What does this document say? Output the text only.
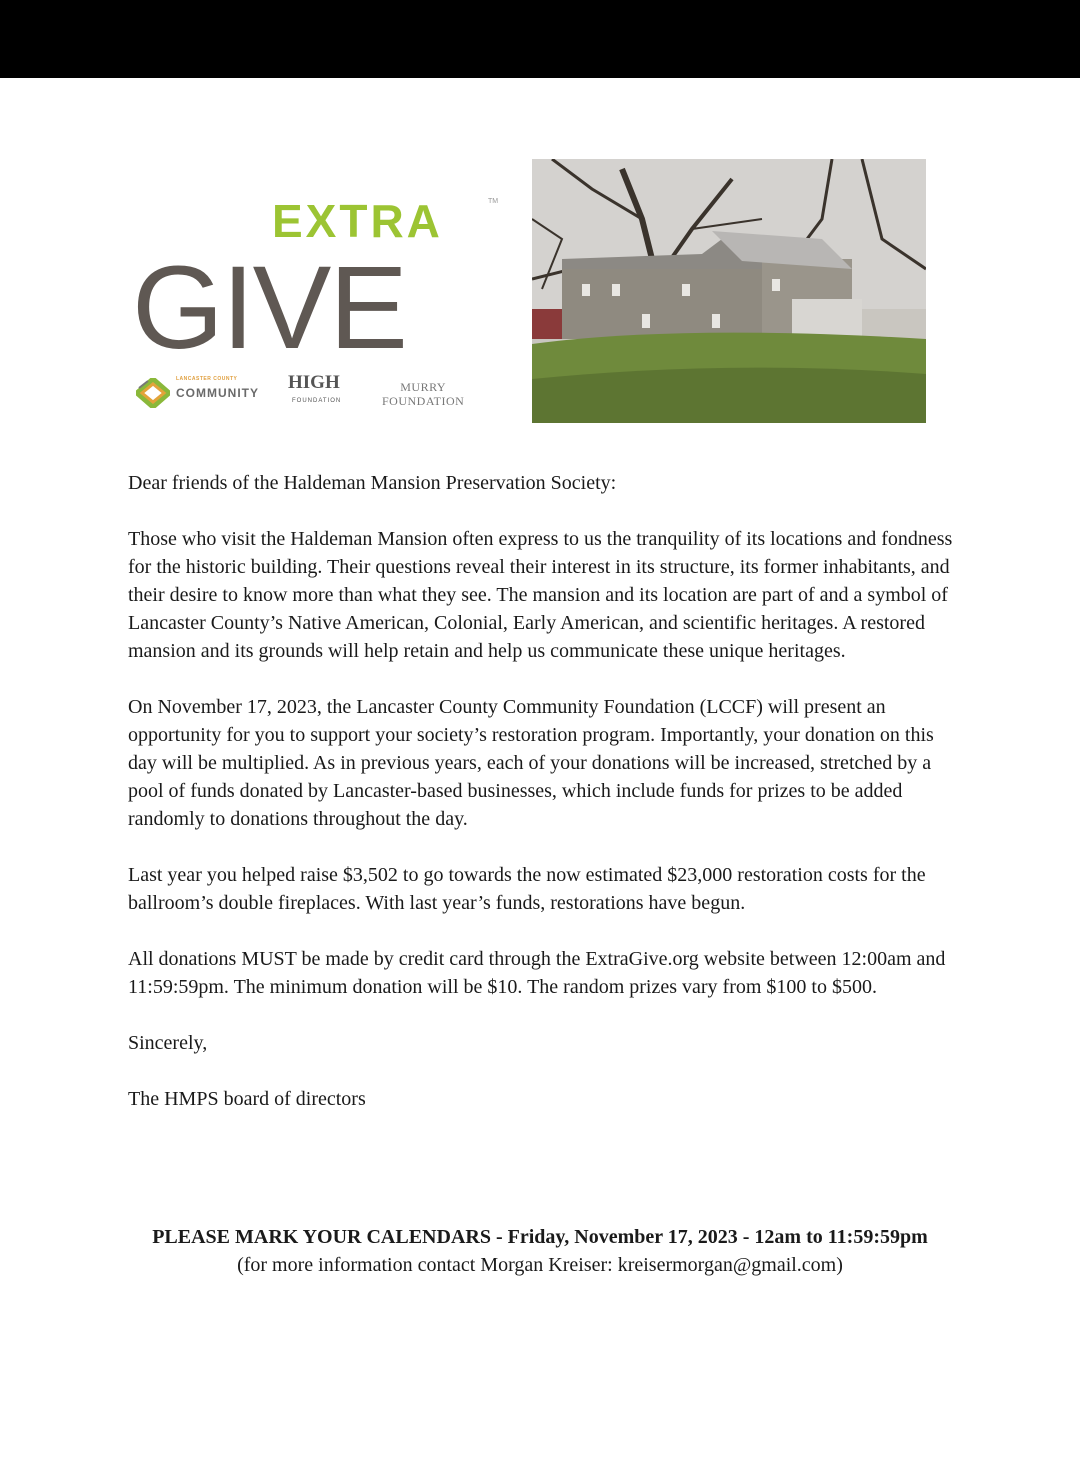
EXTRA	TM
GIVE
LANCASTER COUNTY
COMMUNITY HIGH
FOUNDATION
MURRY
FOUNDATION

Dear friends of the Haldeman Mansion Preservation Society:

Those who visit the Haldeman Mansion often express to us the tranquility of its locations and fondness for the historic building. Their questions reveal their interest in its structure, its former inhabitants, and their desire to know more than what they see. The mansion and its location are part of and a symbol of Lancaster County’s Native American, Colonial, Early American, and scientific heritages. A restored mansion and its grounds will help retain and help us communicate these unique heritages.

On November 17, 2023, the Lancaster County Community Foundation (LCCF) will present an opportunity for you to support your society’s restoration program. Importantly, your donation on this day will be multiplied. As in previous years, each of your donations will be increased, stretched by a pool of funds donated by Lancaster-based businesses, which include funds for prizes to be added randomly to donations throughout the day.

Last year you helped raise $3,502 to go towards the now estimated $23,000 restoration costs for the ballroom’s double fireplaces. With last year’s funds, restorations have begun.

All donations MUST be made by credit card through the ExtraGive.org website between 12:00am and 11:59:59pm. The minimum donation will be $10. The random prizes vary from $100 to $500.

Sincerely,

The HMPS board of directors

PLEASE MARK YOUR CALENDARS - Friday, November 17, 2023 - 12am to 11:59:59pm
(for more information contact Morgan Kreiser: kreisermorgan@gmail.com)
